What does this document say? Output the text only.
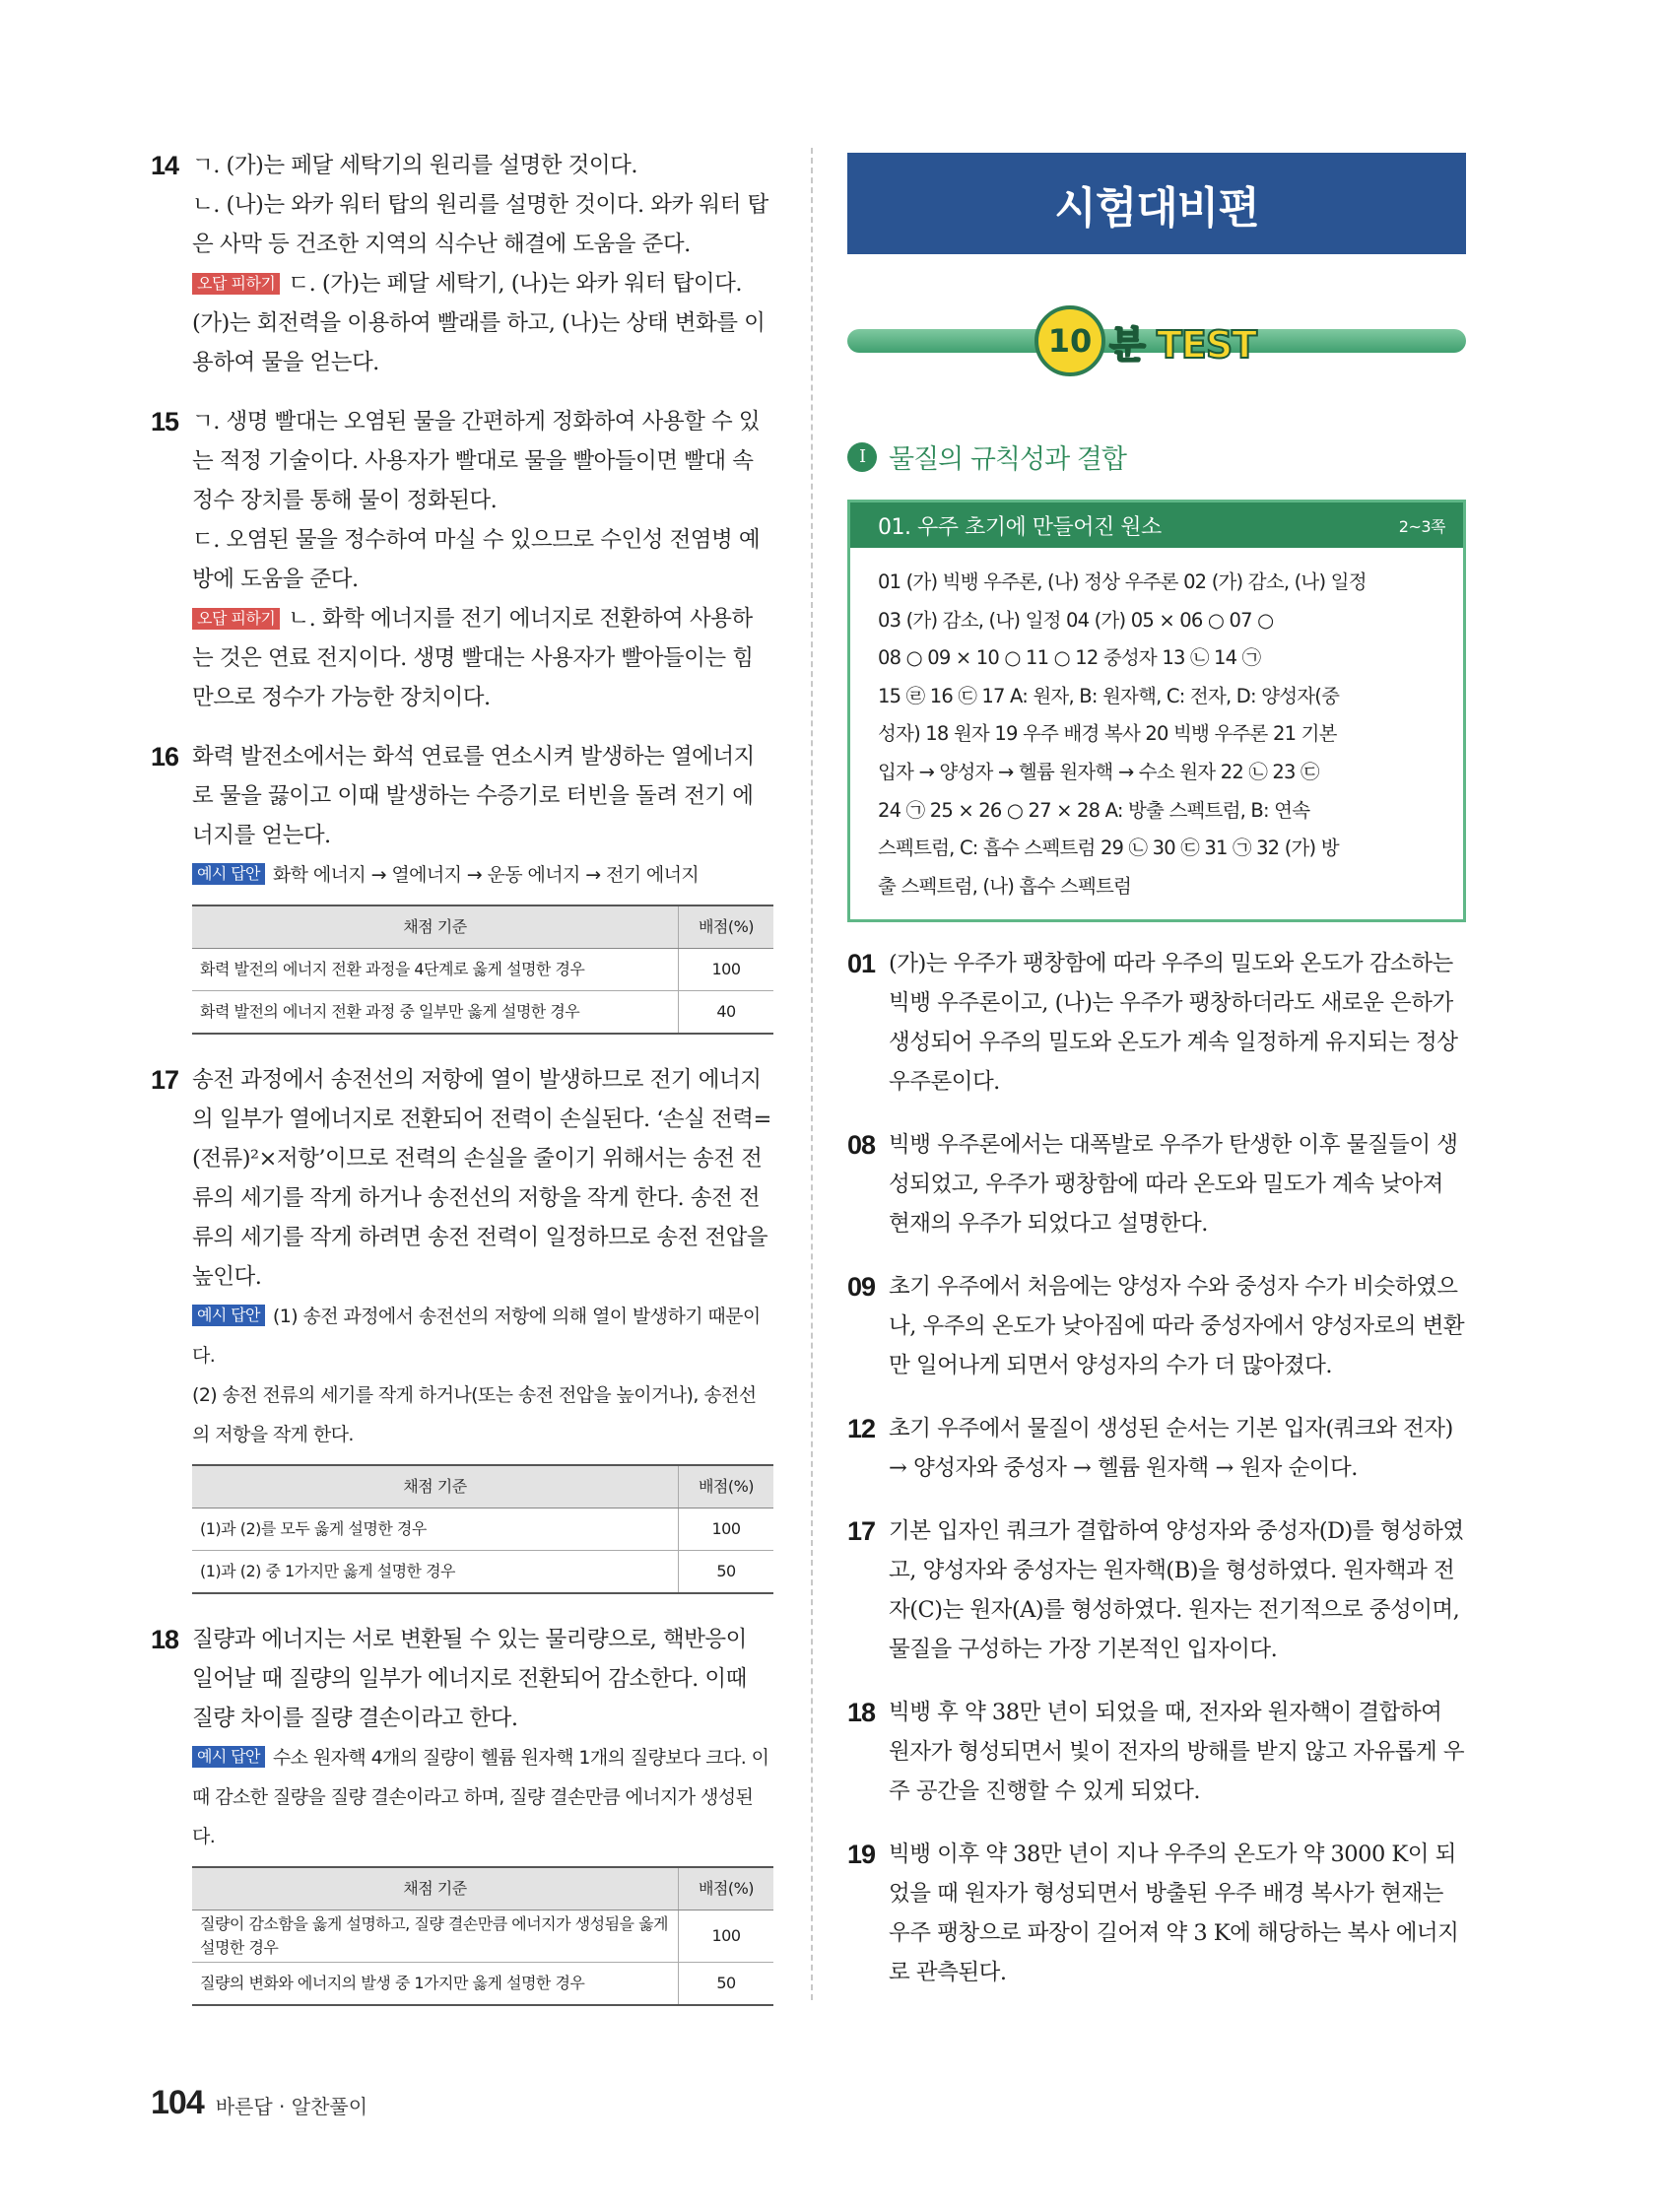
14 ㄱ. (가)는 페달 세탁기의 원리를 설명한 것이다.

ㄴ. (나)는 와카 워터 탑의 원리를 설명한 것이다. 와카 워터 탑은 사막 등 건조한 지역의 식수난 해결에 도움을 준다.

오답 피하기 ㄷ. (가)는 페달 세탁기, (나)는 와카 워터 탑이다. (가)는 회전력을 이용하여 빨래를 하고, (나)는 상태 변화를 이용하여 물을 얻는다.

15 ㄱ. 생명 빨대는 오염된 물을 간편하게 정화하여 사용할 수 있는 적정 기술이다. 사용자가 빨대로 물을 빨아들이면 빨대 속 정수 장치를 통해 물이 정화된다.

ㄷ. 오염된 물을 정수하여 마실 수 있으므로 수인성 전염병 예방에 도움을 준다.

오답 피하기 ㄴ. 화학 에너지를 전기 에너지로 전환하여 사용하는 것은 연료 전지이다. 생명 빨대는 사용자가 빨아들이는 힘만으로 정수가 가능한 장치이다.

16 화력 발전소에서는 화석 연료를 연소시켜 발생하는 열에너지로 물을 끓이고 이때 발생하는 수증기로 터빈을 돌려 전기 에너지를 얻는다.

예시 답안 화학 에너지 → 열에너지 → 운동 에너지 → 전기 에너지

채점 기준	배점(%)
화력 발전의 에너지 전환 과정을 4단계로 옳게 설명한 경우	100
화력 발전의 에너지 전환 과정 중 일부만 옳게 설명한 경우	40
17 송전 과정에서 송전선의 저항에 열이 발생하므로 전기 에너지의 일부가 열에너지로 전환되어 전력이 손실된다. ‘손실 전력=(전류)²×저항’이므로 전력의 손실을 줄이기 위해서는 송전 전류의 세기를 작게 하거나 송전선의 저항을 작게 한다. 송전 전류의 세기를 작게 하려면 송전 전력이 일정하므로 송전 전압을 높인다.

예시 답안 (1) 송전 과정에서 송전선의 저항에 의해 열이 발생하기 때문이다.

(2) 송전 전류의 세기를 작게 하거나(또는 송전 전압을 높이거나), 송전선의 저항을 작게 한다.

채점 기준	배점(%)
(1)과 (2)를 모두 옳게 설명한 경우	100
(1)과 (2) 중 1가지만 옳게 설명한 경우	50
18 질량과 에너지는 서로 변환될 수 있는 물리량으로, 핵반응이 일어날 때 질량의 일부가 에너지로 전환되어 감소한다. 이때 질량 차이를 질량 결손이라고 한다.

예시 답안 수소 원자핵 4개의 질량이 헬륨 원자핵 1개의 질량보다 크다. 이때 감소한 질량을 질량 결손이라고 하며, 질량 결손만큼 에너지가 생성된다.

채점 기준	배점(%)
질량이 감소함을 옳게 설명하고, 질량 결손만큼 에너지가 생성됨을 옳게 설명한 경우	100
질량의 변화와 에너지의 발생 중 1가지만 옳게 설명한 경우	50
시험대비편
10 분 TEST
Ⅰ 물질의 규칙성과 결합
01. 우주 초기에 만들어진 원소	2~3쪽
01 (가) 빅뱅 우주론, (나) 정상 우주론 02 (가) 감소, (나) 일정
03 (가) 감소, (나) 일정 04 (가) 05 × 06 ○ 07 ○
08 ○ 09 × 10 ○ 11 ○ 12 중성자 13 ㉡ 14 ㉠
15 ㉣ 16 ㉢ 17 A: 원자, B: 원자핵, C: 전자, D: 양성자(중
성자) 18 원자 19 우주 배경 복사 20 빅뱅 우주론 21 기본
입자 → 양성자 → 헬륨 원자핵 → 수소 원자 22 ㉡ 23 ㉢
24 ㉠ 25 × 26 ○ 27 × 28 A: 방출 스펙트럼, B: 연속
스펙트럼, C: 흡수 스펙트럼 29 ㉡ 30 ㉢ 31 ㉠ 32 (가) 방
출 스펙트럼, (나) 흡수 스펙트럼
01 (가)는 우주가 팽창함에 따라 우주의 밀도와 온도가 감소하는 빅뱅 우주론이고, (나)는 우주가 팽창하더라도 새로운 은하가 생성되어 우주의 밀도와 온도가 계속 일정하게 유지되는 정상 우주론이다.

08 빅뱅 우주론에서는 대폭발로 우주가 탄생한 이후 물질들이 생성되었고, 우주가 팽창함에 따라 온도와 밀도가 계속 낮아져 현재의 우주가 되었다고 설명한다.

09 초기 우주에서 처음에는 양성자 수와 중성자 수가 비슷하였으나, 우주의 온도가 낮아짐에 따라 중성자에서 양성자로의 변환만 일어나게 되면서 양성자의 수가 더 많아졌다.

12 초기 우주에서 물질이 생성된 순서는 기본 입자(쿼크와 전자) → 양성자와 중성자 → 헬륨 원자핵 → 원자 순이다.

17 기본 입자인 쿼크가 결합하여 양성자와 중성자(D)를 형성하였고, 양성자와 중성자는 원자핵(B)을 형성하였다. 원자핵과 전자(C)는 원자(A)를 형성하였다. 원자는 전기적으로 중성이며, 물질을 구성하는 가장 기본적인 입자이다.

18 빅뱅 후 약 38만 년이 되었을 때, 전자와 원자핵이 결합하여 원자가 형성되면서 빛이 전자의 방해를 받지 않고 자유롭게 우주 공간을 진행할 수 있게 되었다.

19 빅뱅 이후 약 38만 년이 지나 우주의 온도가 약 3000 K이 되었을 때 원자가 형성되면서 방출된 우주 배경 복사가 현재는 우주 팽창으로 파장이 길어져 약 3 K에 해당하는 복사 에너지로 관측된다.

104 바른답 · 알찬풀이
